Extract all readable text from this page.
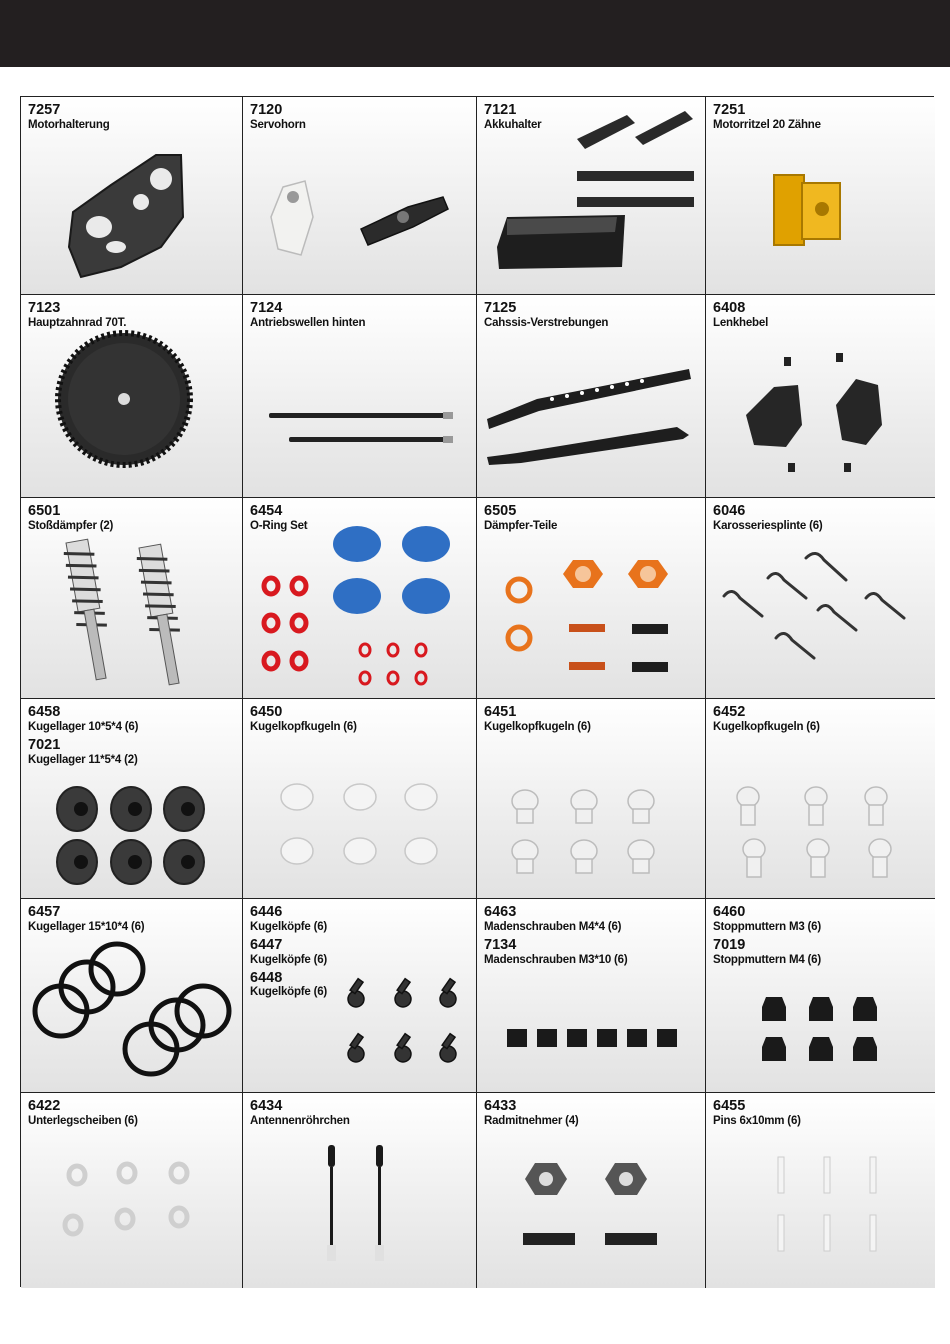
7257
Motorhalterung
7120
Servohorn
7121
Akkuhalter
7251
Motorritzel 20 Zähne
7123
Hauptzahnrad 70T.
7124
Antriebswellen hinten
7125
Cahssis-Verstrebungen
6408
Lenkhebel
6501
Stoßdämpfer (2)
6454
O-Ring Set
6505
Dämpfer-Teile
6046
Karosseriesplinte (6)
6458
Kugellager 10*5*4 (6)
7021
Kugellager 11*5*4 (2)
6450
Kugelkopfkugeln (6)
6451
Kugelkopfkugeln (6)
6452
Kugelkopfkugeln (6)
6457
Kugellager 15*10*4 (6)
6446
Kugelköpfe (6)
6447
Kugelköpfe (6)
6448
Kugelköpfe (6)
6463
Madenschrauben M4*4 (6)
7134
Madenschrauben M3*10 (6)
6460
Stoppmuttern M3 (6)
7019
Stoppmuttern M4 (6)
6422
Unterlegscheiben (6)
6434
Antennenröhrchen
6433
Radmitnehmer (4)
6455
Pins 6x10mm (6)
